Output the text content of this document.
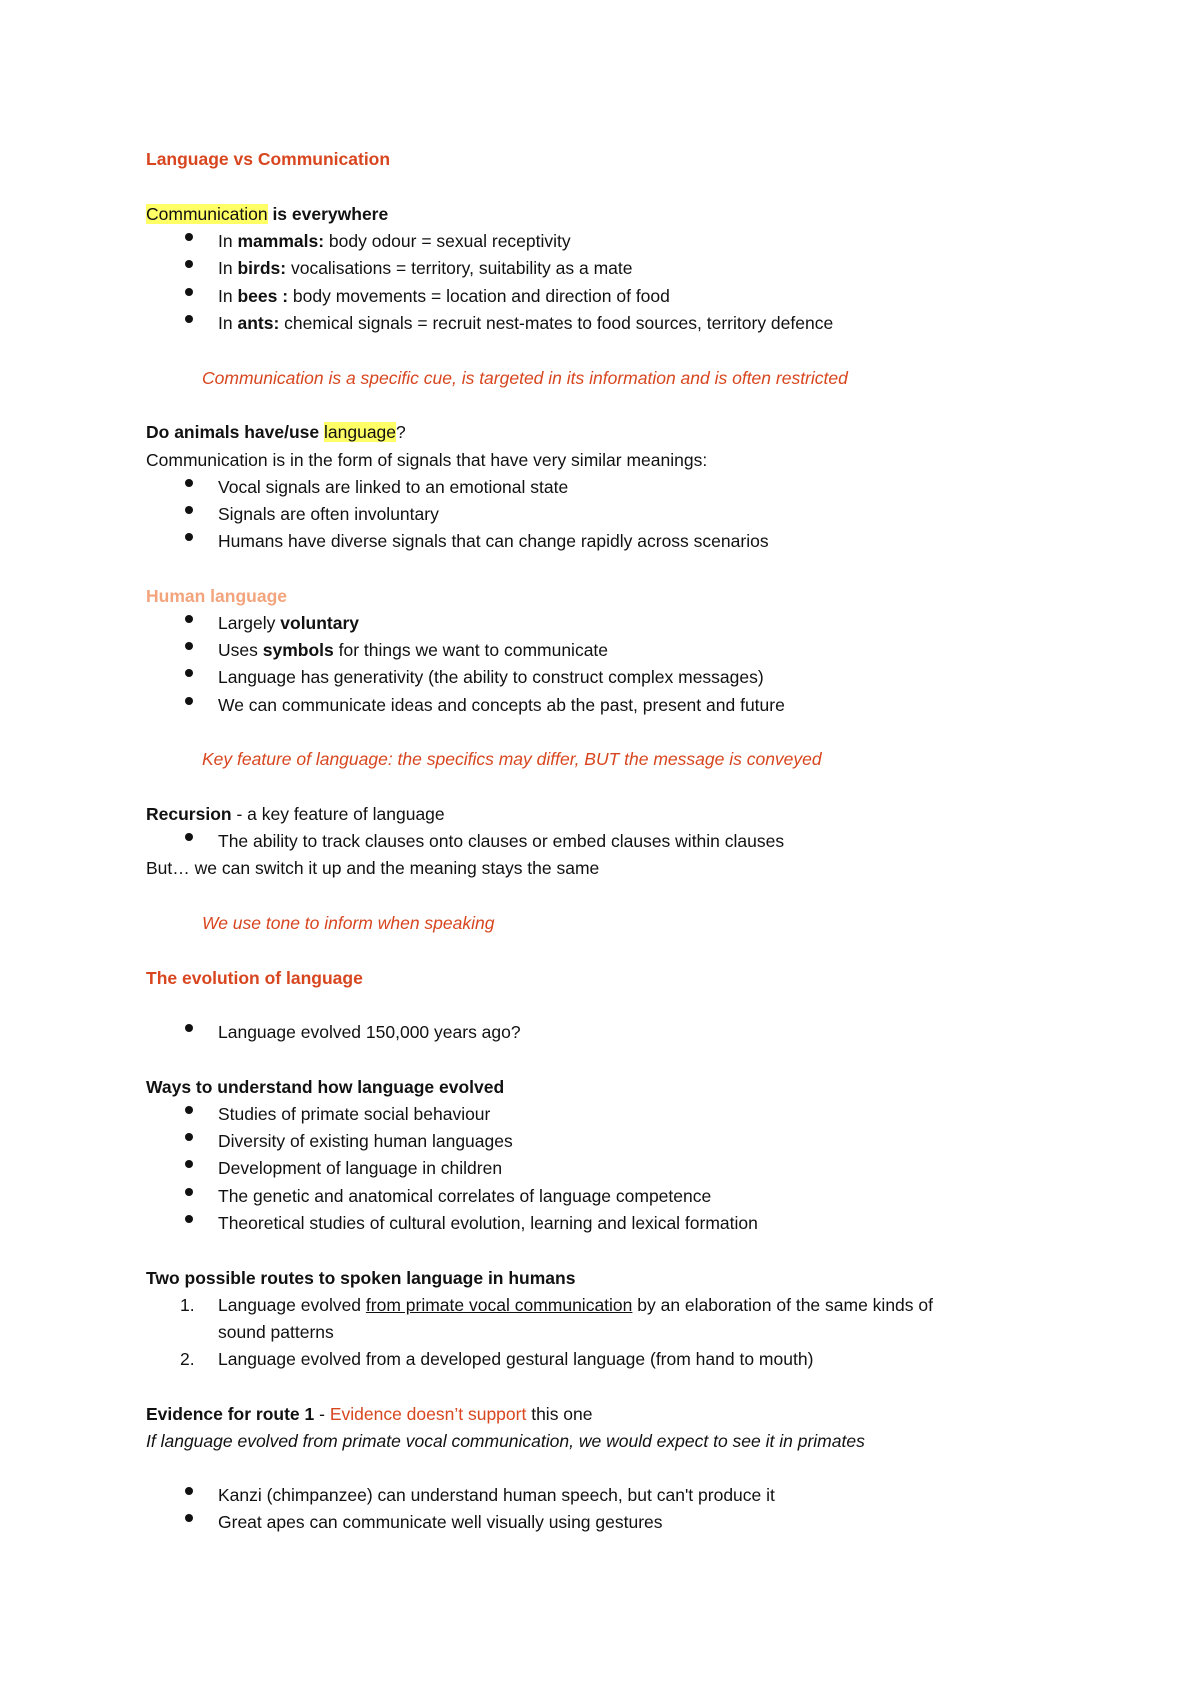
Language vs Communication
Communication is everywhere
In mammals: body odour = sexual receptivity
In birds: vocalisations = territory, suitability as a mate
In bees : body movements = location and direction of food
In ants: chemical signals = recruit nest-mates to food sources, territory defence
Communication is a specific cue, is targeted in its information and is often restricted
Do animals have/use language?
Communication is in the form of signals that have very similar meanings:
Vocal signals are linked to an emotional state
Signals are often involuntary
Humans have diverse signals that can change rapidly across scenarios
Human language
Largely voluntary
Uses symbols for things we want to communicate
Language has generativity (the ability to construct complex messages)
We can communicate ideas and concepts ab the past, present and future
Key feature of language: the specifics may differ, BUT the message is conveyed
Recursion - a key feature of language
The ability to track clauses onto clauses or embed clauses within clauses
But… we can switch it up and the meaning stays the same
We use tone to inform when speaking
The evolution of language
Language evolved 150,000 years ago?
Ways to understand how language evolved
Studies of primate social behaviour
Diversity of existing human languages
Development of language in children
The genetic and anatomical correlates of language competence
Theoretical studies of cultural evolution, learning and lexical formation
Two possible routes to spoken language in humans
1. Language evolved from primate vocal communication by an elaboration of the same kinds of
sound patterns
2. Language evolved from a developed gestural language (from hand to mouth)
Evidence for route 1 - Evidence doesn’t support this one
If language evolved from primate vocal communication, we would expect to see it in primates
Kanzi (chimpanzee) can understand human speech, but can't produce it
Great apes can communicate well visually using gestures
